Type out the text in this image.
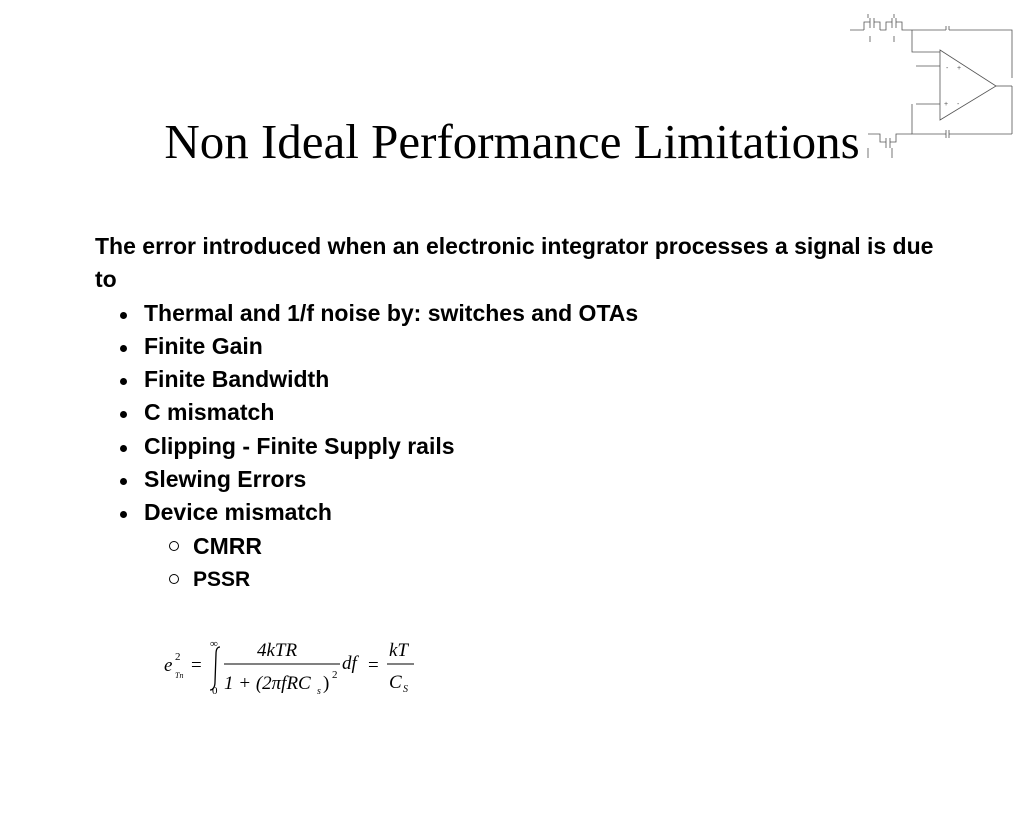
Non Ideal Performance Limitations
- +
+ -

The error introduced when an electronic integrator processes a signal is due to

Thermal and 1/f noise by: switches and OTAs
Finite Gain
Finite Bandwidth
C mismatch
Clipping - Finite Supply rails
Slewing Errors
Device mismatch
CMRR
PSSR
e 2
Tn =
∞
0
4kTR
1 + (2πfRC s ) 2
df =
kT
C S
